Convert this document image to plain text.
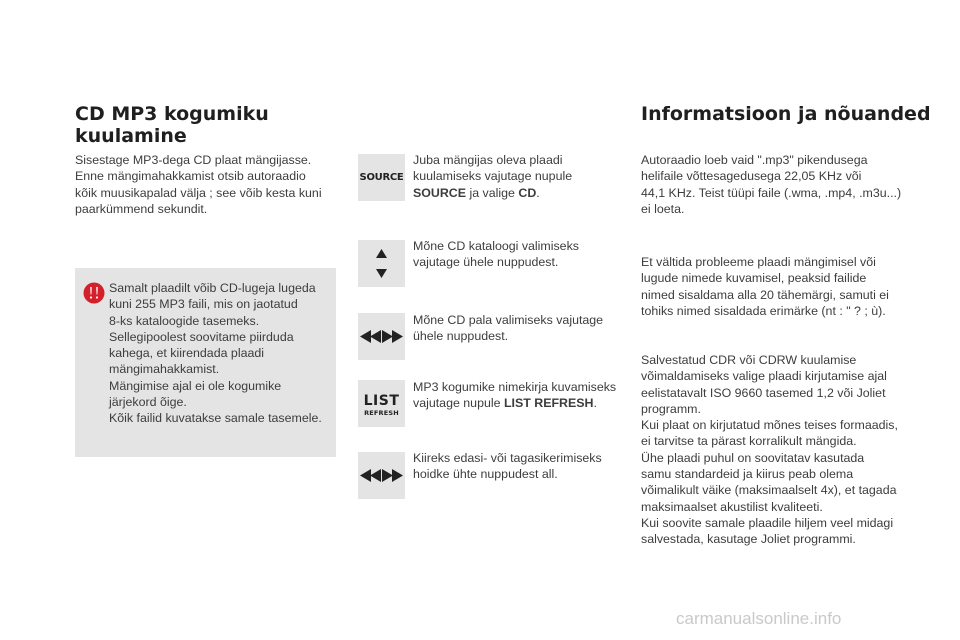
CD MP3 kogumiku
kuulamine
Informatsioon ja nõuanded
Sisestage MP3-dega CD plaat mängijasse.
Enne mängimahakkamist otsib autoraadio
kõik muusikapalad välja ; see võib kesta kuni
paarkümmend sekundit.
Samalt plaadilt võib CD-lugeja lugeda
kuni 255 MP3 faili, mis on jaotatud
8-ks kataloogide tasemeks.
Sellegipoolest soovitame piirduda
kahega, et kiirendada plaadi
mängimahakkamist.
Mängimise ajal ei ole kogumike
järjekord õige.
Kõik failid kuvatakse samale tasemele.
SOURCE
Juba mängijas oleva plaadi
kuulamiseks vajutage nupule
SOURCE ja valige CD.
Mõne CD kataloogi valimiseks
vajutage ühele nuppudest.
Mõne CD pala valimiseks vajutage
ühele nuppudest.
LIST
REFRESH
MP3 kogumike nimekirja kuvamiseks
vajutage nupule LIST REFRESH.
Kiireks edasi- või tagasikerimiseks
hoidke ühte nuppudest all.
Autoraadio loeb vaid ".mp3" pikendusega
helifaile võttesagedusega 22,05 KHz või
44,1 KHz. Teist tüüpi faile (.wma, .mp4, .m3u...)
ei loeta.
Et vältida probleeme plaadi mängimisel või
lugude nimede kuvamisel, peaksid failide
nimed sisaldama alla 20 tähemärgi, samuti ei
tohiks nimed sisaldada erimärke (nt : " ? ; ù).
Salvestatud CDR või CDRW kuulamise
võimaldamiseks valige plaadi kirjutamise ajal
eelistatavalt ISO 9660 tasemed 1,2 või Joliet
programm.
Kui plaat on kirjutatud mõnes teises formaadis,
ei tarvitse ta pärast korralikult mängida.
Ühe plaadi puhul on soovitatav kasutada
samu standardeid ja kiirus peab olema
võimalikult väike (maksimaalselt 4x), et tagada
maksimaalset akustilist kvaliteeti.
Kui soovite samale plaadile hiljem veel midagi
salvestada, kasutage Joliet programmi.
carmanualsonline.info
